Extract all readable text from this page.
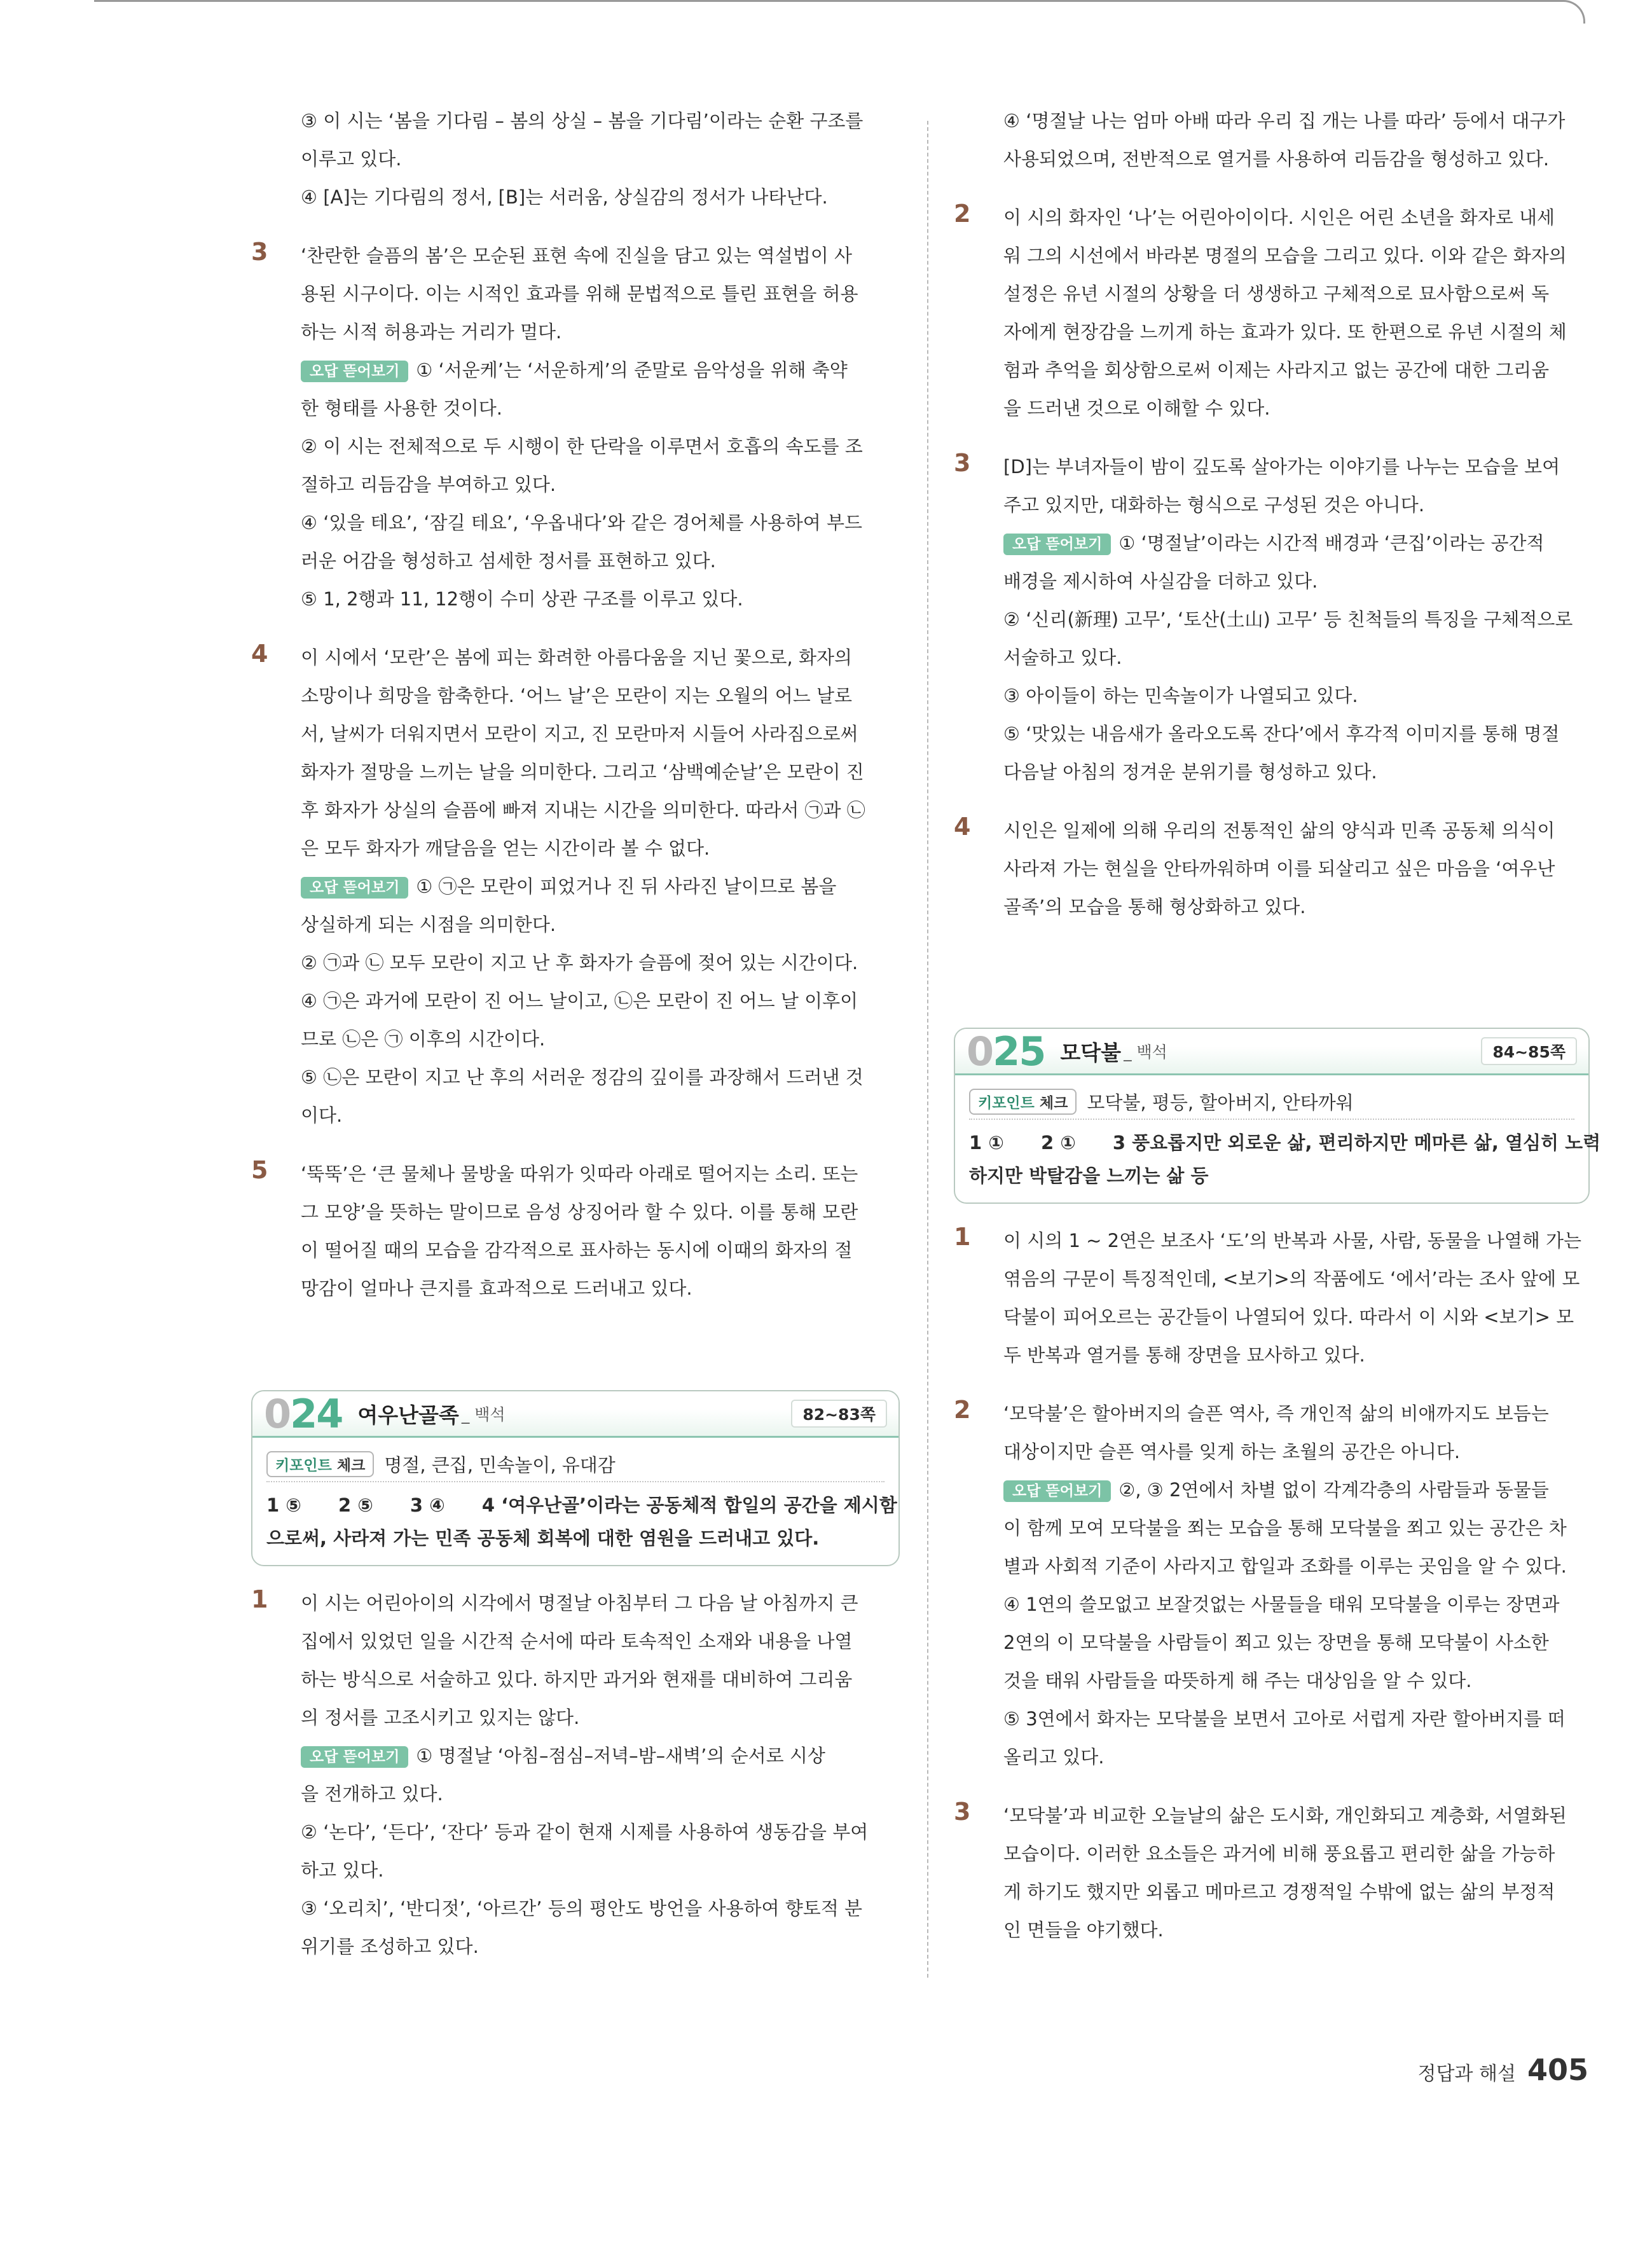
③ 이 시는 ‘봄을 기다림 – 봄의 상실 – 봄을 기다림’이라는 순환 구조를
이루고 있다.
④ [A]는 기다림의 정서, [B]는 서러움, 상실감의 정서가 나타난다.
3 ‘찬란한 슬픔의 봄’은 모순된 표현 속에 진실을 담고 있는 역설법이 사
용된 시구이다. 이는 시적인 효과를 위해 문법적으로 틀린 표현을 허용
하는 시적 허용과는 거리가 멀다.
오답 뜯어보기 ① ‘서운케’는 ‘서운하게’의 준말로 음악성을 위해 축약
한 형태를 사용한 것이다.
② 이 시는 전체적으로 두 시행이 한 단락을 이루면서 호흡의 속도를 조
절하고 리듬감을 부여하고 있다.
④ ‘있을 테요’, ‘잠길 테요’, ‘우옵내다’와 같은 경어체를 사용하여 부드
러운 어감을 형성하고 섬세한 정서를 표현하고 있다.
⑤ 1, 2행과 11, 12행이 수미 상관 구조를 이루고 있다.
4 이 시에서 ‘모란’은 봄에 피는 화려한 아름다움을 지닌 꽃으로, 화자의
소망이나 희망을 함축한다. ‘어느 날’은 모란이 지는 오월의 어느 날로
서, 날씨가 더워지면서 모란이 지고, 진 모란마저 시들어 사라짐으로써
화자가 절망을 느끼는 날을 의미한다. 그리고 ‘삼백예순날’은 모란이 진
후 화자가 상실의 슬픔에 빠져 지내는 시간을 의미한다. 따라서 ㉠과 ㉡
은 모두 화자가 깨달음을 얻는 시간이라 볼 수 없다.
오답 뜯어보기 ① ㉠은 모란이 피었거나 진 뒤 사라진 날이므로 봄을
상실하게 되는 시점을 의미한다.
② ㉠과 ㉡ 모두 모란이 지고 난 후 화자가 슬픔에 젖어 있는 시간이다.
④ ㉠은 과거에 모란이 진 어느 날이고, ㉡은 모란이 진 어느 날 이후이
므로 ㉡은 ㉠ 이후의 시간이다.
⑤ ㉡은 모란이 지고 난 후의 서러운 정감의 깊이를 과장해서 드러낸 것
이다.
5 ‘뚝뚝’은 ‘큰 물체나 물방울 따위가 잇따라 아래로 떨어지는 소리. 또는
그 모양’을 뜻하는 말이므로 음성 상징어라 할 수 있다. 이를 통해 모란
이 떨어질 때의 모습을 감각적으로 표사하는 동시에 이때의 화자의 절
망감이 얼마나 큰지를 효과적으로 드러내고 있다.
024 여우난골족 _ 백석	82~83쪽
키포인트 체크	명절, 큰집, 민속놀이, 유대감
1 ⑤ 2 ⑤ 3 ④ 4 ‘여우난골’이라는 공동체적 합일의 공간을 제시함
으로써, 사라져 가는 민족 공동체 회복에 대한 염원을 드러내고 있다.
1 이 시는 어린아이의 시각에서 명절날 아침부터 그 다음 날 아침까지 큰
집에서 있었던 일을 시간적 순서에 따라 토속적인 소재와 내용을 나열
하는 방식으로 서술하고 있다. 하지만 과거와 현재를 대비하여 그리움
의 정서를 고조시키고 있지는 않다.
오답 뜯어보기 ① 명절날 ‘아침–점심–저녁–밤–새벽’의 순서로 시상
을 전개하고 있다.
② ‘논다’, ‘든다’, ‘잔다’ 등과 같이 현재 시제를 사용하여 생동감을 부여
하고 있다.
③ ‘오리치’, ‘반디젓’, ‘아르간’ 등의 평안도 방언을 사용하여 향토적 분
위기를 조성하고 있다.
④ ‘명절날 나는 엄마 아배 따라 우리 집 개는 나를 따라’ 등에서 대구가
사용되었으며, 전반적으로 열거를 사용하여 리듬감을 형성하고 있다.
2 이 시의 화자인 ‘나’는 어린아이이다. 시인은 어린 소년을 화자로 내세
워 그의 시선에서 바라본 명절의 모습을 그리고 있다. 이와 같은 화자의
설정은 유년 시절의 상황을 더 생생하고 구체적으로 묘사함으로써 독
자에게 현장감을 느끼게 하는 효과가 있다. 또 한편으로 유년 시절의 체
험과 추억을 회상함으로써 이제는 사라지고 없는 공간에 대한 그리움
을 드러낸 것으로 이해할 수 있다.
3 [D]는 부녀자들이 밤이 깊도록 살아가는 이야기를 나누는 모습을 보여
주고 있지만, 대화하는 형식으로 구성된 것은 아니다.
오답 뜯어보기 ① ‘명절날’이라는 시간적 배경과 ‘큰집’이라는 공간적
배경을 제시하여 사실감을 더하고 있다.
② ‘신리(新理) 고무’, ‘토산(土山) 고무’ 등 친척들의 특징을 구체적으로
서술하고 있다.
③ 아이들이 하는 민속놀이가 나열되고 있다.
⑤ ‘맛있는 내음새가 올라오도록 잔다’에서 후각적 이미지를 통해 명절
다음날 아침의 정겨운 분위기를 형성하고 있다.
4 시인은 일제에 의해 우리의 전통적인 삶의 양식과 민족 공동체 의식이
사라져 가는 현실을 안타까워하며 이를 되살리고 싶은 마음을 ‘여우난
골족’의 모습을 통해 형상화하고 있다.
025 모닥불 _ 백석	84~85쪽
키포인트 체크	모닥불, 평등, 할아버지, 안타까워
1 ① 2 ① 3 풍요롭지만 외로운 삶, 편리하지만 메마른 삶, 열심히 노력
하지만 박탈감을 느끼는 삶 등
1 이 시의 1 ~ 2연은 보조사 ‘도’의 반복과 사물, 사람, 동물을 나열해 가는
엮음의 구문이 특징적인데, <보기>의 작품에도 ‘에서’라는 조사 앞에 모
닥불이 피어오르는 공간들이 나열되어 있다. 따라서 이 시와 <보기> 모
두 반복과 열거를 통해 장면을 묘사하고 있다.
2 ‘모닥불’은 할아버지의 슬픈 역사, 즉 개인적 삶의 비애까지도 보듬는
대상이지만 슬픈 역사를 잊게 하는 초월의 공간은 아니다.
오답 뜯어보기 ②, ③ 2연에서 차별 없이 각계각층의 사람들과 동물들
이 함께 모여 모닥불을 쬐는 모습을 통해 모닥불을 쬐고 있는 공간은 차
별과 사회적 기준이 사라지고 합일과 조화를 이루는 곳임을 알 수 있다.
④ 1연의 쓸모없고 보잘것없는 사물들을 태워 모닥불을 이루는 장면과
2연의 이 모닥불을 사람들이 쬐고 있는 장면을 통해 모닥불이 사소한
것을 태워 사람들을 따뜻하게 해 주는 대상임을 알 수 있다.
⑤ 3연에서 화자는 모닥불을 보면서 고아로 서럽게 자란 할아버지를 떠
올리고 있다.
3 ‘모닥불’과 비교한 오늘날의 삶은 도시화, 개인화되고 계층화, 서열화된
모습이다. 이러한 요소들은 과거에 비해 풍요롭고 편리한 삶을 가능하
게 하기도 했지만 외롭고 메마르고 경쟁적일 수밖에 없는 삶의 부정적
인 면들을 야기했다.
정답과 해설 405
